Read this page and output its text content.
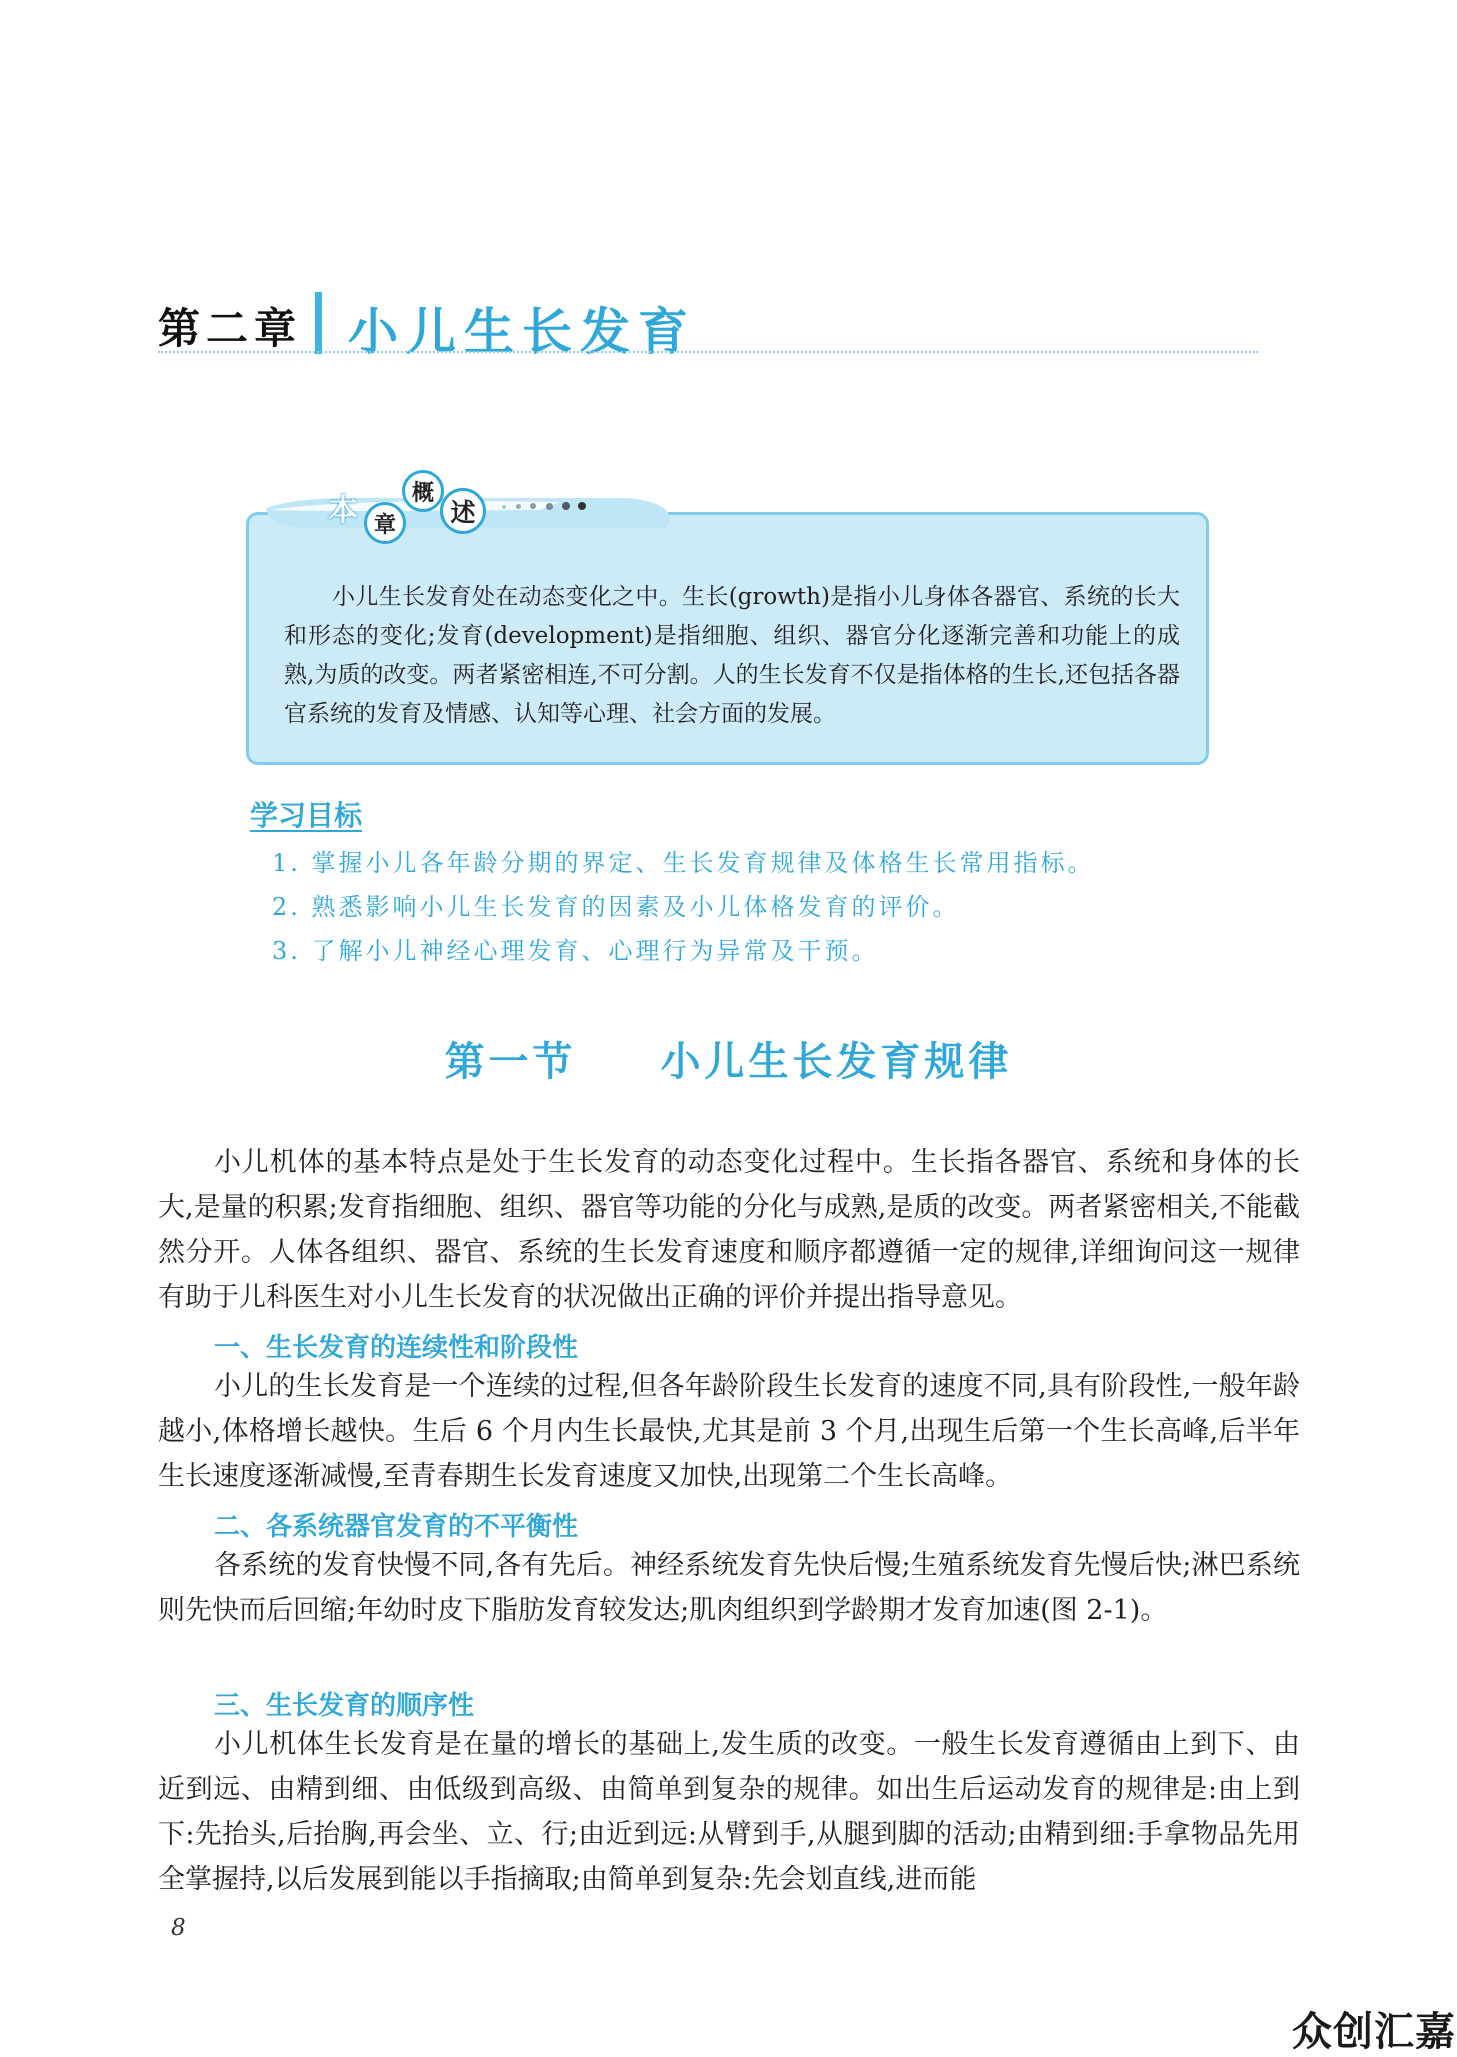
第二章 小儿生长发育
本 章
概
述
小儿生长发育处在动态变化之中。生长(growth)是指小儿身体各器官、系统的长大和形态的变化;发育(development)是指细胞、组织、器官分化逐渐完善和功能上的成熟,为质的改变。两者紧密相连,不可分割。人的生长发育不仅是指体格的生长,还包括各器官系统的发育及情感、认知等心理、社会方面的发展。
学习目标
1. 掌握小儿各年龄分期的界定、生长发育规律及体格生长常用指标。
2. 熟悉影响小儿生长发育的因素及小儿体格发育的评价。
3. 了解小儿神经心理发育、心理行为异常及干预。
第一节 小儿生长发育规律
小儿机体的基本特点是处于生长发育的动态变化过程中。生长指各器官、系统和身体的长大,是量的积累;发育指细胞、组织、器官等功能的分化与成熟,是质的改变。两者紧密相关,不能截然分开。人体各组织、器官、系统的生长发育速度和顺序都遵循一定的规律,详细询问这一规律有助于儿科医生对小儿生长发育的状况做出正确的评价并提出指导意见。
一、生长发育的连续性和阶段性
小儿的生长发育是一个连续的过程,但各年龄阶段生长发育的速度不同,具有阶段性,一般年龄越小,体格增长越快。生后 6 个月内生长最快,尤其是前 3 个月,出现生后第一个生长高峰,后半年生长速度逐渐减慢,至青春期生长发育速度又加快,出现第二个生长高峰。
二、各系统器官发育的不平衡性
各系统的发育快慢不同,各有先后。神经系统发育先快后慢;生殖系统发育先慢后快;淋巴系统则先快而后回缩;年幼时皮下脂肪发育较发达;肌肉组织到学龄期才发育加速(图 2-1)。
三、生长发育的顺序性
小儿机体生长发育是在量的增长的基础上,发生质的改变。一般生长发育遵循由上到下、由近到远、由精到细、由低级到高级、由简单到复杂的规律。如出生后运动发育的规律是:由上到下:先抬头,后抬胸,再会坐、立、行;由近到远:从臂到手,从腿到脚的活动;由精到细:手拿物品先用全掌握持,以后发展到能以手指摘取;由简单到复杂:先会划直线,进而能
8
众创汇嘉
